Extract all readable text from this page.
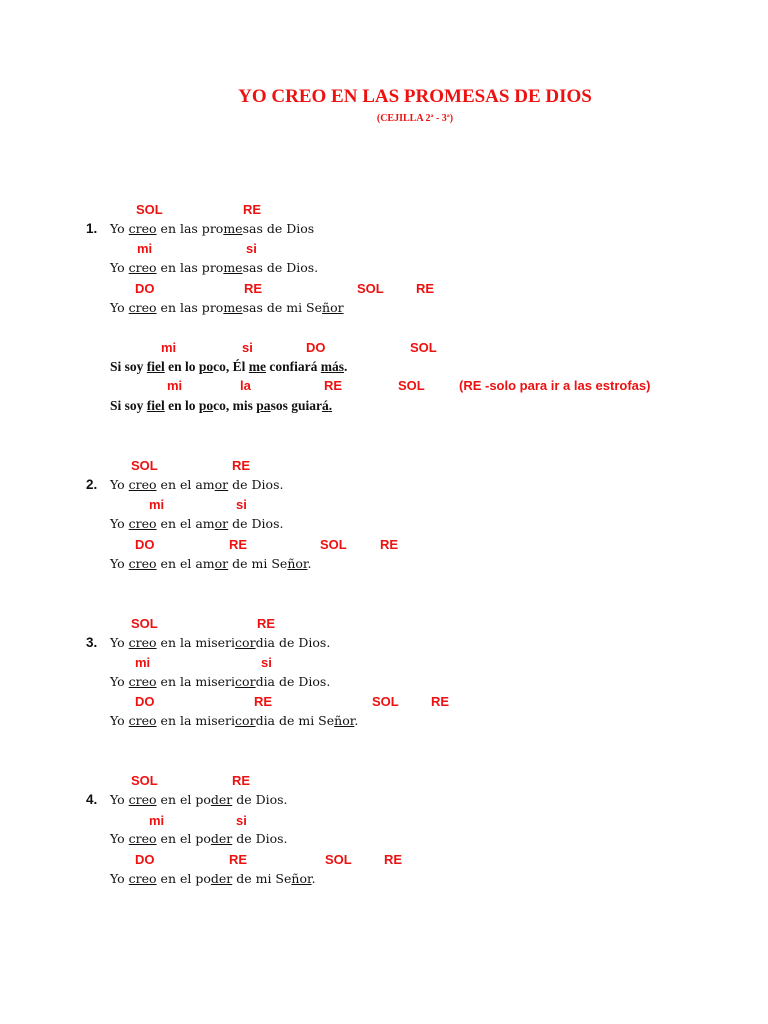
YO CREO EN LAS PROMESAS DE DIOS
(CEJILLA 2ª - 3ª)
SOL	RE
1. Yo creo en las promesas de Dios
mi	si
Yo creo en las promesas de Dios.
DO	RE	SOL RE
Yo creo en las promesas de mi Señor
mi	si	DO	SOL
Si soy fiel en lo poco, Él me confiará más.
mi	la	RE	SOL	(RE -solo para ir a las estrofas)
Si soy fiel en lo poco, mis pasos guiará.
SOL	RE
2. Yo creo en el amor de Dios.
mi	si
Yo creo en el amor de Dios.
DO	RE	SOL	RE
Yo creo en el amor de mi Señor.
SOL	RE
3. Yo creo en la misericordia de Dios.
mi	si
Yo creo en la misericordia de Dios.
DO	RE	SOL RE
Yo creo en la misericordia de mi Señor.
SOL	RE
4. Yo creo en el poder de Dios.
mi	si
Yo creo en el poder de Dios.
DO	RE	SOL RE
Yo creo en el poder de mi Señor.
